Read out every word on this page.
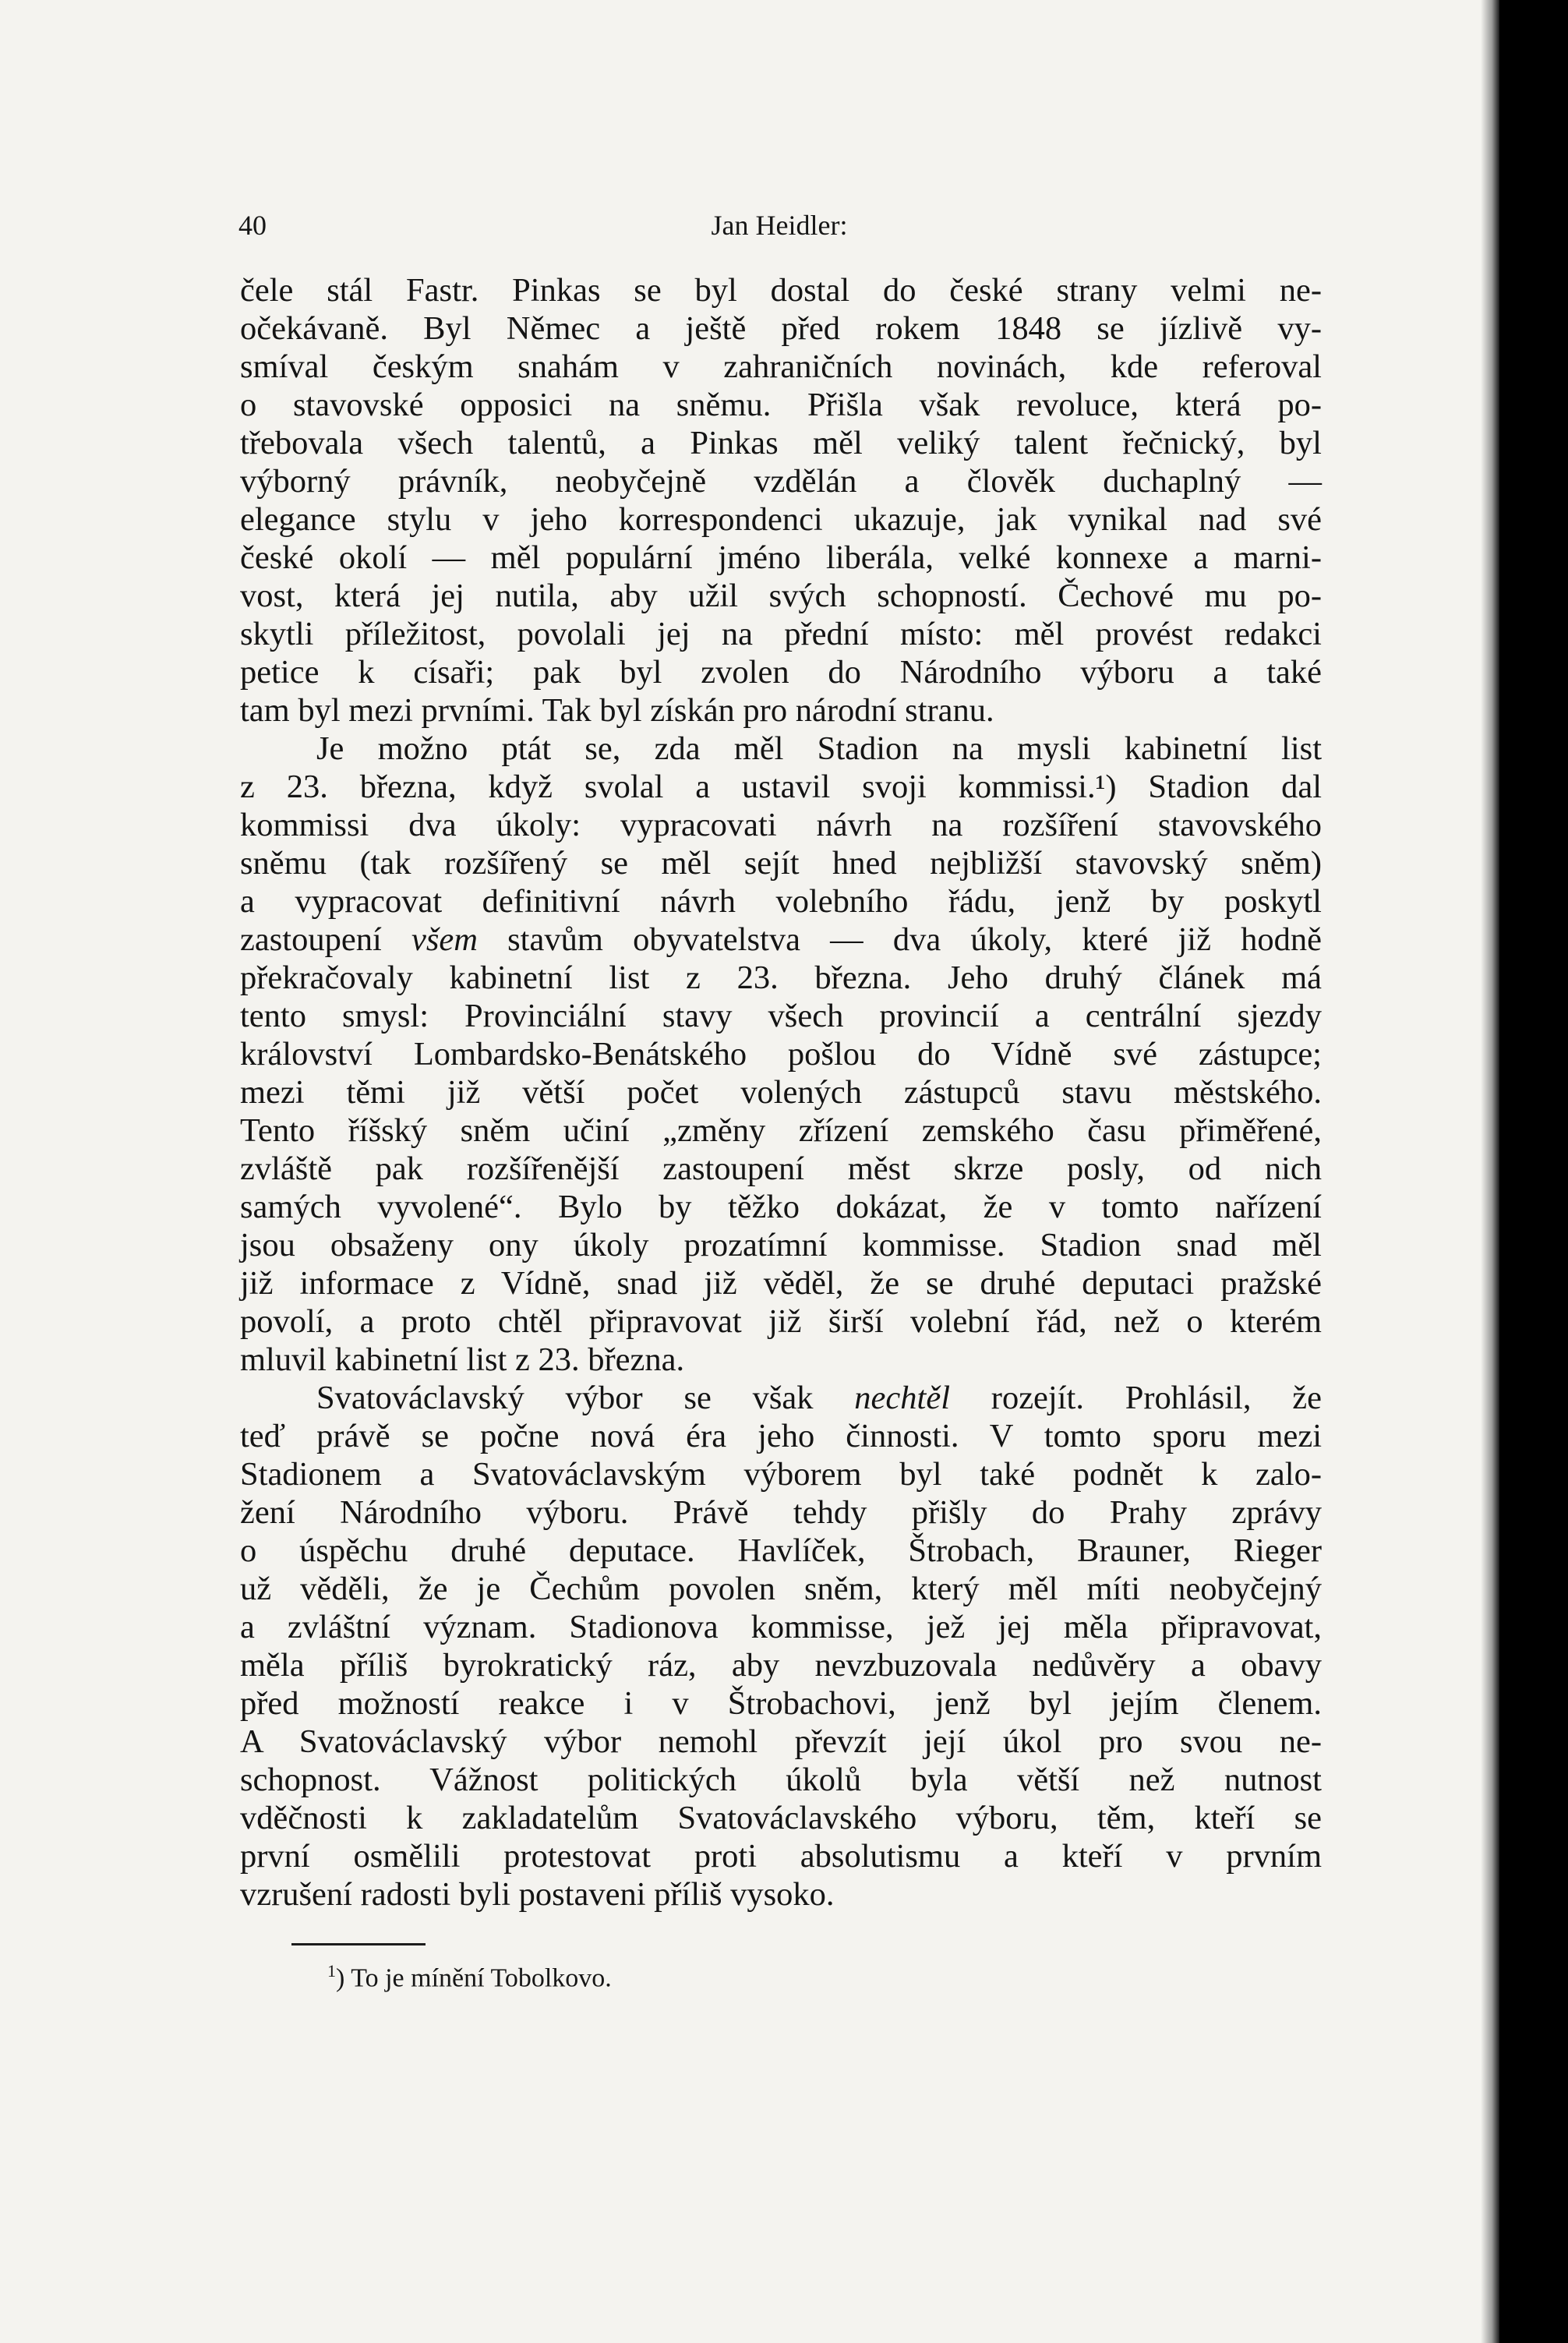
40	Jan Heidler:
čele stál Fastr. Pinkas se byl dostal do české strany velmi ne-
očekávaně. Byl Němec a ještě před rokem 1848 se jízlivě vy-
smíval českým snahám v zahraničních novinách, kde referoval
o stavovské opposici na sněmu. Přišla však revoluce, která po-
třebovala všech talentů, a Pinkas měl veliký talent řečnický, byl
výborný právník, neobyčejně vzdělán a člověk duchaplný —
elegance stylu v jeho korrespondenci ukazuje, jak vynikal nad své
české okolí — měl populární jméno liberála, velké konnexe a marni-
vost, která jej nutila, aby užil svých schopností. Čechové mu po-
skytli příležitost, povolali jej na přední místo: měl provést redakci
petice k císaři; pak byl zvolen do Národního výboru a také
tam byl mezi prvními. Tak byl získán pro národní stranu.
Je možno ptát se, zda měl Stadion na mysli kabinetní list
z 23. března, když svolal a ustavil svoji kommissi.¹) Stadion dal
kommissi dva úkoly: vypracovati návrh na rozšíření stavovského
sněmu (tak rozšířený se měl sejít hned nejbližší stavovský sněm)
a vypracovat definitivní návrh volebního řádu, jenž by poskytl
zastoupení všem stavům obyvatelstva — dva úkoly, které již hodně
překračovaly kabinetní list z 23. března. Jeho druhý článek má
tento smysl: Provinciální stavy všech provincií a centrální sjezdy
království Lombardsko-Benátského pošlou do Vídně své zástupce;
mezi těmi již větší počet volených zástupců stavu městského.
Tento říšský sněm učiní „změny zřízení zemského času přiměřené,
zvláště pak rozšířenější zastoupení měst skrze posly, od nich
samých vyvolené“. Bylo by těžko dokázat, že v tomto nařízení
jsou obsaženy ony úkoly prozatímní kommisse. Stadion snad měl
již informace z Vídně, snad již věděl, že se druhé deputaci pražské
povolí, a proto chtěl připravovat již širší volební řád, než o kterém
mluvil kabinetní list z 23. března.
Svatováclavský výbor se však nechtěl rozejít. Prohlásil, že
teď právě se počne nová éra jeho činnosti. V tomto sporu mezi
Stadionem a Svatováclavským výborem byl také podnět k zalo-
žení Národního výboru. Právě tehdy přišly do Prahy zprávy
o úspěchu druhé deputace. Havlíček, Štrobach, Brauner, Rieger
už věděli, že je Čechům povolen sněm, který měl míti neobyčejný
a zvláštní význam. Stadionova kommisse, jež jej měla připravovat,
měla příliš byrokratický ráz, aby nevzbuzovala nedůvěry a obavy
před možností reakce i v Štrobachovi, jenž byl jejím členem.
A Svatováclavský výbor nemohl převzít její úkol pro svou ne-
schopnost. Vážnost politických úkolů byla větší než nutnost
vděčnosti k zakladatelům Svatováclavského výboru, těm, kteří se
první osmělili protestovat proti absolutismu a kteří v prvním
vzrušení radosti byli postaveni příliš vysoko.
$^1$) To je mínění Tobolkovo.
